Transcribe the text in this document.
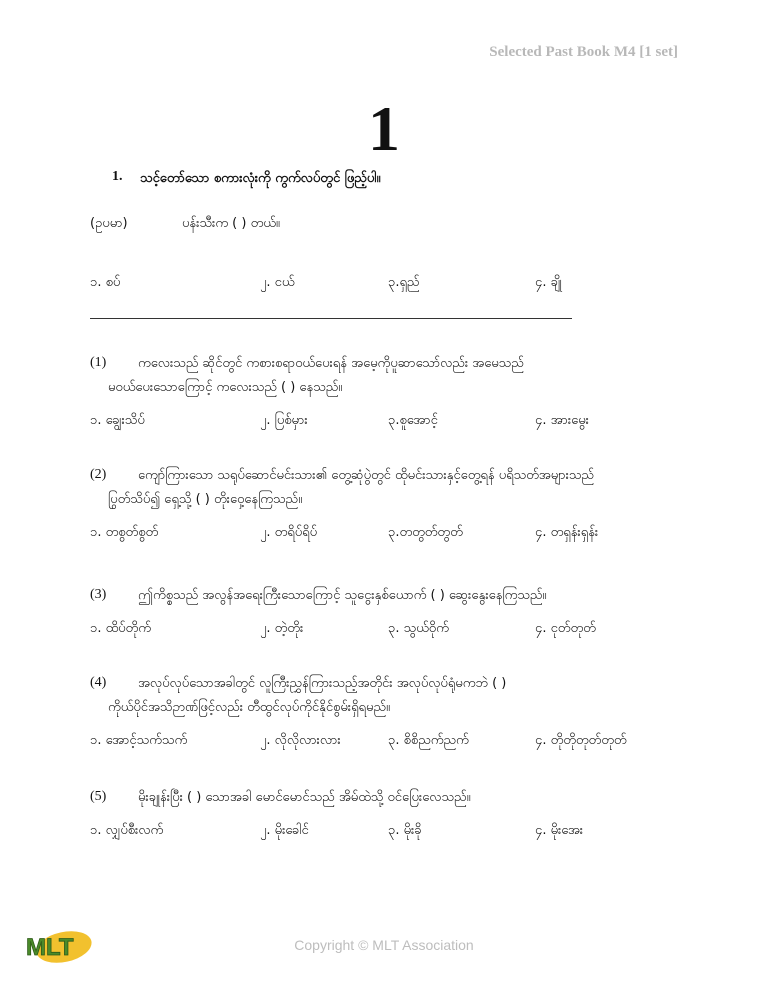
Selected Past Book M4 [1 set]
1
1. သင့်တော်သော စကားလုံးကို ကွက်လပ်တွင် ဖြည့်ပါ။
(ဥပမာ)	ပန်းသီးက ( ) တယ်။
၁. စပ်	၂. ငယ်	၃.ရှည်	၄. ချို
(1) ကလေးသည် ဆိုင်တွင် ကစားစရာဝယ်ပေးရန် အမေ့ကိုပူဆာသော်လည်း အမေသည်
မဝယ်ပေးသောကြောင့် ကလေးသည် ( ) နေသည်။
၁. ချွေးသိပ်	၂. ပြစ်မှား	၃.စူအောင့်	၄. အားမွေး
(2) ကျော်ကြားသော သရုပ်ဆောင်မင်းသား၏ တွေ့ဆုံပွဲတွင် ထိုမင်းသားနှင့်တွေ့ရန် ပရိသတ်အများသည်
ပြွတ်သိပ်၍ ရှေ့သို့ ( ) တိုးဝှေ့နေကြသည်။
၁. တစွတ်စွတ်	၂. တရိပ်ရိပ်	၃.တတွတ်တွတ်	၄. တရှန်းရှန်း
(3) ဤကိစ္စသည် အလွန်အရေးကြီးသောကြောင့် သူငွေးနှစ်ယောက် ( ) ဆွေးနွေးနေကြသည်။
၁. ထိပ်တိုက်	၂. တဲ့တိုး	၃. သွယ်ဝိုက်	၄. ငုတ်တုတ်
(4) အလုပ်လုပ်သောအခါတွင် လူကြီးညွှန်ကြားသည့်အတိုင်း အလုပ်လုပ်ရုံမကဘဲ ( )
ကိုယ်ပိုင်အသိဉာဏ်ဖြင့်လည်း တီထွင်လုပ်ကိုင်နိုင်စွမ်းရှိရမည်။
၁. အောင့်သက်သက်	၂. လိုလိုလားလား	၃. စိစိညက်ညက်	၄. တိုတိုတုတ်တုတ်
(5) မိုးချုန်းပြီး ( ) သောအခါ မောင်မောင်သည် အိမ်ထဲသို့ ဝင်ပြေးလေသည်။
၁. လျှပ်စီးလက်	၂. မိုးခေါင်	၃. မိုးခို	၄. မိုးအေး
MLT	Copyright © MLT Association
